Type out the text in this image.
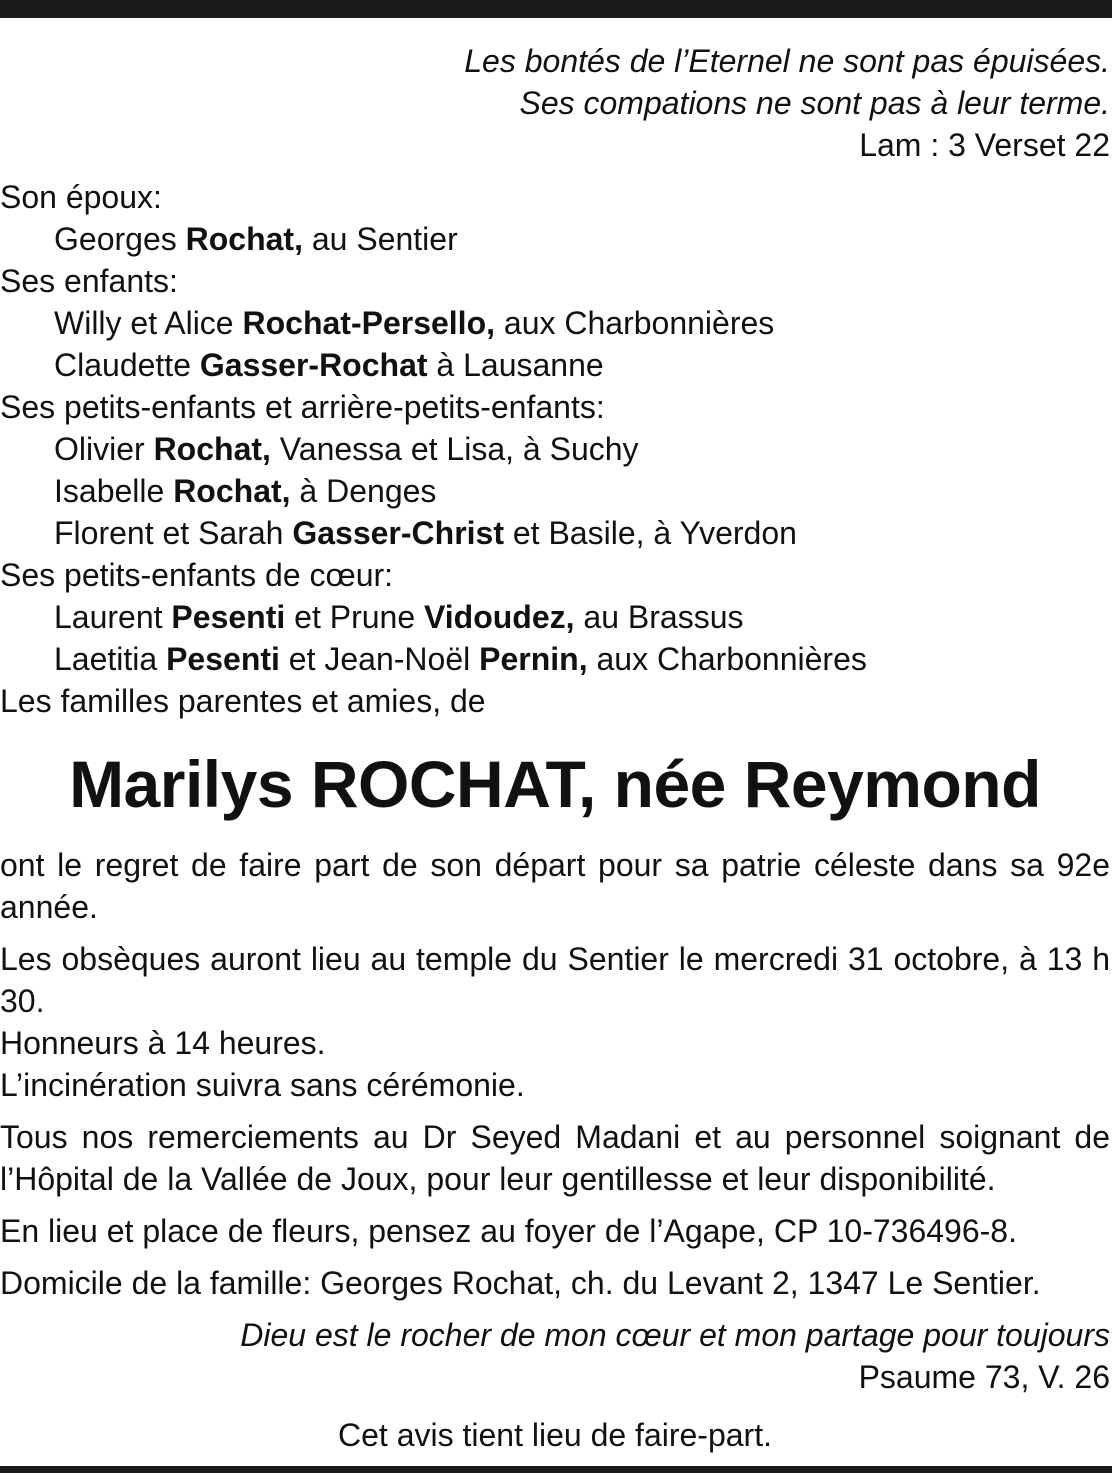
Les bontés de l’Eternel ne sont pas épuisées.
Ses compations ne sont pas à leur terme.
Lam : 3 Verset 22
Son époux:
Georges Rochat, au Sentier
Ses enfants:
Willy et Alice Rochat-Persello, aux Charbonnières
Claudette Gasser-Rochat à Lausanne
Ses petits-enfants et arrière-petits-enfants:
Olivier Rochat, Vanessa et Lisa, à Suchy
Isabelle Rochat, à Denges
Florent et Sarah Gasser-Christ et Basile, à Yverdon
Ses petits-enfants de cœur:
Laurent Pesenti et Prune Vidoudez, au Brassus
Laetitia Pesenti et Jean-Noël Pernin, aux Charbonnières
Les familles parentes et amies, de
Marilys ROCHAT, née Reymond
ont le regret de faire part de son départ pour sa patrie céleste dans sa 92e année.
Les obsèques auront lieu au temple du Sentier le mercredi 31 octobre, à 13 h 30.
Honneurs à 14 heures.
L’incinération suivra sans cérémonie.
Tous nos remerciements au Dr Seyed Madani et au personnel soignant de l’Hôpital de la Vallée de Joux, pour leur gentillesse et leur disponibilité.
En lieu et place de fleurs, pensez au foyer de l’Agape, CP 10-736496-8.
Domicile de la famille: Georges Rochat, ch. du Levant 2, 1347 Le Sentier.
Dieu est le rocher de mon cœur et mon partage pour toujours
Psaume 73, V. 26
Cet avis tient lieu de faire-part.
